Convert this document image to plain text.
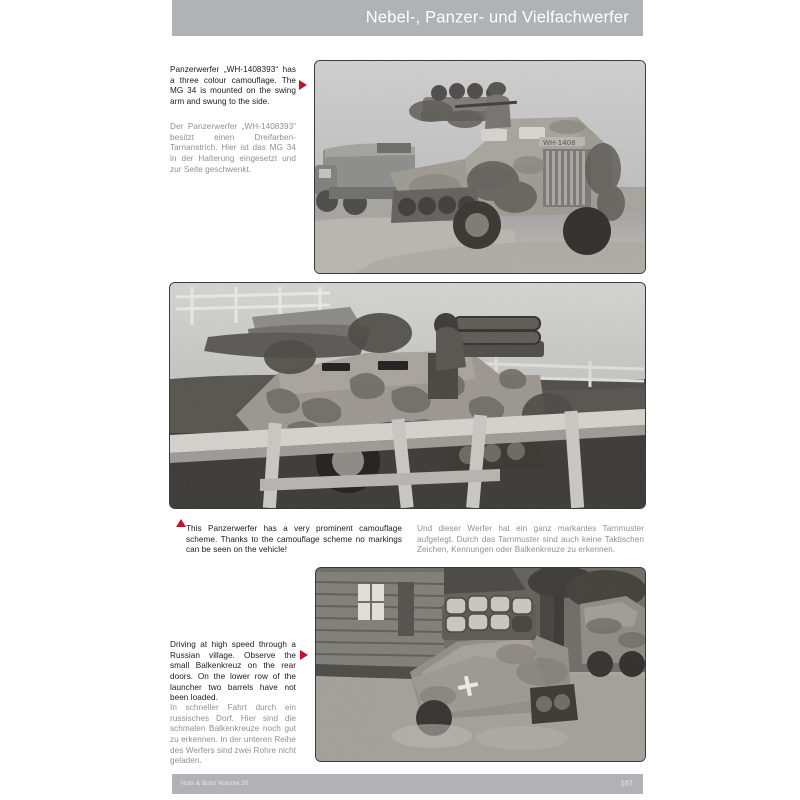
Nebel-, Panzer- und Vielfachwerfer

Panzerwerfer „WH-1408393“ has a three colour camouflage. The MG 34 is mounted on the swing arm and swung to the side.

Der Panzerwerfer „WH-1408393“ besitzt einen Dreifarben-Tarnanstrich. Hier ist das MG 34 in der Halterung eingesetzt und zur Seite geschwenkt.

This Panzerwerfer has a very prominent camouflage scheme. Thanks to the camouflage scheme no markings can be seen on the vehicle!

Und dieser Werfer hat ein ganz markantes Tarnmuster aufgelegt. Durch das Tarnmuster sind auch keine Taktischen Zeichen, Kennungen oder Balkenkreuze zu erkennen.

Driving at high speed through a Russian village. Observe the small Balkenkreuz on the rear doors. On the lower row of the launcher two barrels have not been loaded.

In schneller Fahrt durch ein russisches Dorf. Hier sind die schmalen Balkenkreuze noch gut zu erkennen. In der unteren Reihe des Werfers sind zwei Rohre nicht geladen.

Nuts & Bolts Volume 30	107
